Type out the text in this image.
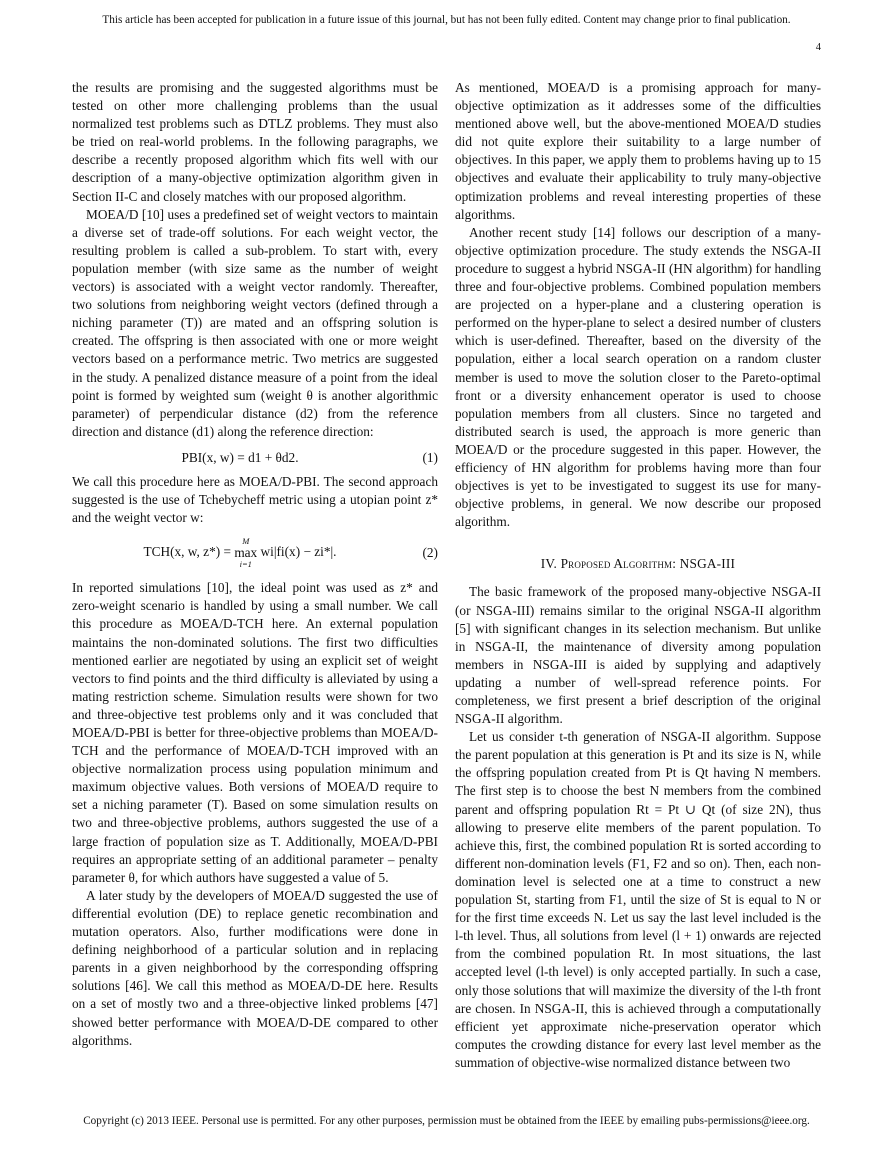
This article has been accepted for publication in a future issue of this journal, but has not been fully edited. Content may change prior to final publication.
4

the results are promising and the suggested algorithms must be tested on other more challenging problems than the usual normalized test problems such as DTLZ problems. They must also be tried on real-world problems. In the following paragraphs, we describe a recently proposed algorithm which fits well with our description of a many-objective optimization algorithm given in Section II-C and closely matches with our proposed algorithm.

MOEA/D [10] uses a predefined set of weight vectors to maintain a diverse set of trade-off solutions. For each weight vector, the resulting problem is called a sub-problem. To start with, every population member (with size same as the number of weight vectors) is associated with a weight vector randomly. Thereafter, two solutions from neighboring weight vectors (defined through a niching parameter (T)) are mated and an offspring solution is created. The offspring is then associated with one or more weight vectors based on a performance metric. Two metrics are suggested in the study. A penalized distance measure of a point from the ideal point is formed by weighted sum (weight θ is another algorithmic parameter) of perpendicular distance (d2) from the reference direction and distance (d1) along the reference direction:

PBI(x, w) = d1 + θd2.	(1)

We call this procedure here as MOEA/D-PBI. The second approach suggested is the use of Tchebycheff metric using a utopian point z* and the weight vector w:

TCH(x, w, z*) =
M
max
i=1
wi|fi(x) − zi*|.	(2)

In reported simulations [10], the ideal point was used as z* and zero-weight scenario is handled by using a small number. We call this procedure as MOEA/D-TCH here. An external population maintains the non-dominated solutions. The first two difficulties mentioned earlier are negotiated by using an explicit set of weight vectors to find points and the third difficulty is alleviated by using a mating restriction scheme. Simulation results were shown for two and three-objective test problems only and it was concluded that MOEA/D-PBI is better for three-objective problems than MOEA/D-TCH and the performance of MOEA/D-TCH improved with an objective normalization process using population minimum and maximum objective values. Both versions of MOEA/D require to set a niching parameter (T). Based on some simulation results on two and three-objective problems, authors suggested the use of a large fraction of population size as T. Additionally, MOEA/D-PBI requires an appropriate setting of an additional parameter – penalty parameter θ, for which authors have suggested a value of 5.

A later study by the developers of MOEA/D suggested the use of differential evolution (DE) to replace genetic recombination and mutation operators. Also, further modifications were done in defining neighborhood of a particular solution and in replacing parents in a given neighborhood by the corresponding offspring solutions [46]. We call this method as MOEA/D-DE here. Results on a set of mostly two and a three-objective linked problems [47] showed better performance with MOEA/D-DE compared to other algorithms.

As mentioned, MOEA/D is a promising approach for many-objective optimization as it addresses some of the difficulties mentioned above well, but the above-mentioned MOEA/D studies did not quite explore their suitability to a large number of objectives. In this paper, we apply them to problems having up to 15 objectives and evaluate their applicability to truly many-objective optimization problems and reveal interesting properties of these algorithms.

Another recent study [14] follows our description of a many-objective optimization procedure. The study extends the NSGA-II procedure to suggest a hybrid NSGA-II (HN algorithm) for handling three and four-objective problems. Combined population members are projected on a hyper-plane and a clustering operation is performed on the hyper-plane to select a desired number of clusters which is user-defined. Thereafter, based on the diversity of the population, either a local search operation on a random cluster member is used to move the solution closer to the Pareto-optimal front or a diversity enhancement operator is used to choose population members from all clusters. Since no targeted and distributed search is used, the approach is more generic than MOEA/D or the procedure suggested in this paper. However, the efficiency of HN algorithm for problems having more than four objectives is yet to be investigated to suggest its use for many-objective problems, in general. We now describe our proposed algorithm.

IV. Proposed Algorithm: NSGA-III

The basic framework of the proposed many-objective NSGA-II (or NSGA-III) remains similar to the original NSGA-II algorithm [5] with significant changes in its selection mechanism. But unlike in NSGA-II, the maintenance of diversity among population members in NSGA-III is aided by supplying and adaptively updating a number of well-spread reference points. For completeness, we first present a brief description of the original NSGA-II algorithm.

Let us consider t-th generation of NSGA-II algorithm. Suppose the parent population at this generation is Pt and its size is N, while the offspring population created from Pt is Qt having N members. The first step is to choose the best N members from the combined parent and offspring population Rt = Pt ∪ Qt (of size 2N), thus allowing to preserve elite members of the parent population. To achieve this, first, the combined population Rt is sorted according to different non-domination levels (F1, F2 and so on). Then, each non-domination level is selected one at a time to construct a new population St, starting from F1, until the size of St is equal to N or for the first time exceeds N. Let us say the last level included is the l-th level. Thus, all solutions from level (l + 1) onwards are rejected from the combined population Rt. In most situations, the last accepted level (l-th level) is only accepted partially. In such a case, only those solutions that will maximize the diversity of the l-th front are chosen. In NSGA-II, this is achieved through a computationally efficient yet approximate niche-preservation operator which computes the crowding distance for every last level member as the summation of objective-wise normalized distance between two

Copyright (c) 2013 IEEE. Personal use is permitted. For any other purposes, permission must be obtained from the IEEE by emailing pubs-permissions@ieee.org.
